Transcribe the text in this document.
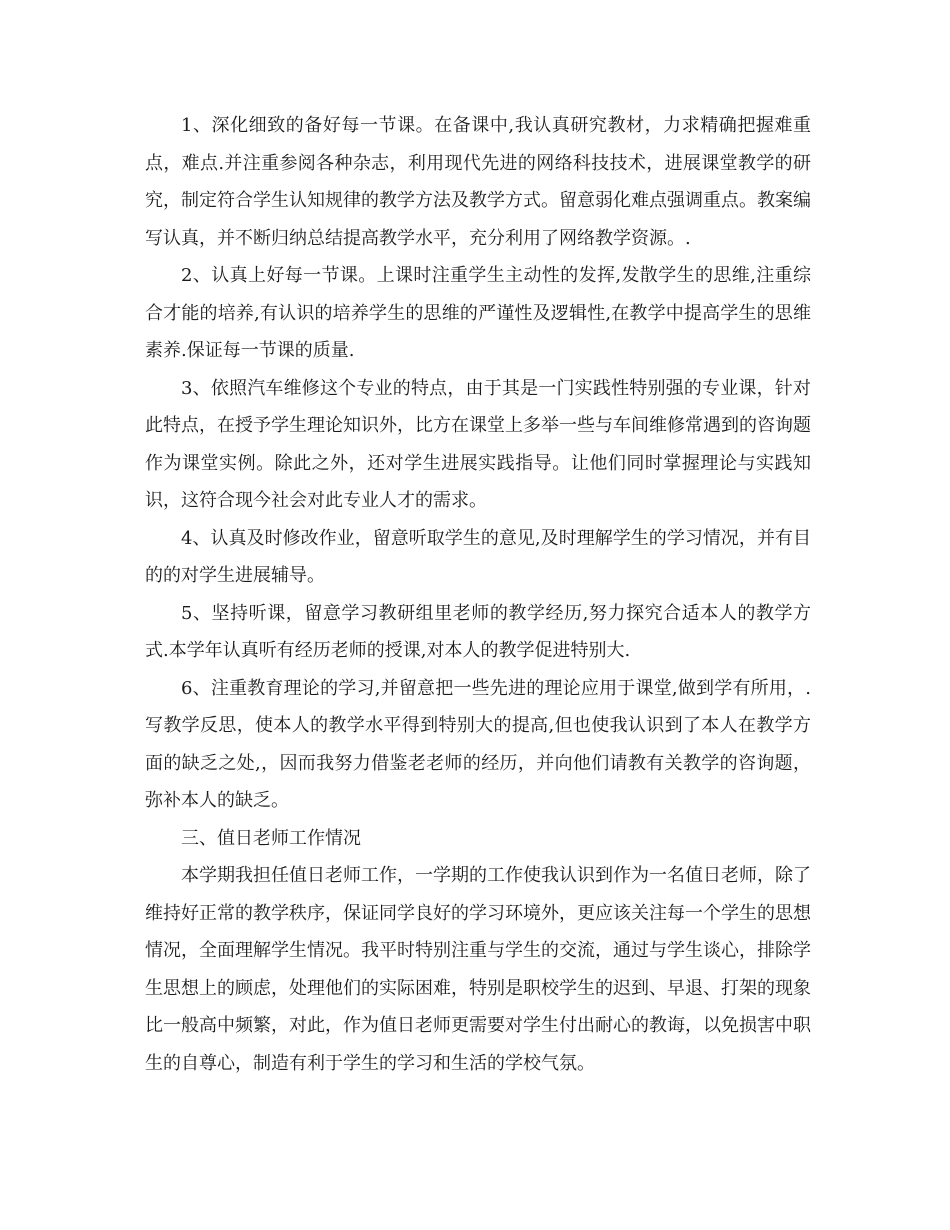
1、深化细致的备好每一节课。在备课中,我认真研究教材，力求精确把握难重点，难点.并注重参阅各种杂志，利用现代先进的网络科技技术，进展课堂教学的研究，制定符合学生认知规律的教学方法及教学方式。留意弱化难点强调重点。教案编写认真，并不断归纳总结提高教学水平，充分利用了网络教学资源。.

2、认真上好每一节课。上课时注重学生主动性的发挥,发散学生的思维,注重综合才能的培养,有认识的培养学生的思维的严谨性及逻辑性,在教学中提高学生的思维素养.保证每一节课的质量.

3、依照汽车维修这个专业的特点，由于其是一门实践性特别强的专业课，针对此特点，在授予学生理论知识外，比方在课堂上多举一些与车间维修常遇到的咨询题作为课堂实例。除此之外，还对学生进展实践指导。让他们同时掌握理论与实践知识，这符合现今社会对此专业人才的需求。

4、认真及时修改作业，留意听取学生的意见,及时理解学生的学习情况，并有目的的对学生进展辅导。

5、坚持听课，留意学习教研组里老师的教学经历,努力探究合适本人的教学方式.本学年认真听有经历老师的授课,对本人的教学促进特别大.

6、注重教育理论的学习,并留意把一些先进的理论应用于课堂,做到学有所用，.写教学反思，使本人的教学水平得到特别大的提高,但也使我认识到了本人在教学方面的缺乏之处,，因而我努力借鉴老老师的经历，并向他们请教有关教学的咨询题，弥补本人的缺乏。

三、值日老师工作情况

本学期我担任值日老师工作，一学期的工作使我认识到作为一名值日老师，除了维持好正常的教学秩序，保证同学良好的学习环境外，更应该关注每一个学生的思想情况，全面理解学生情况。我平时特别注重与学生的交流，通过与学生谈心，排除学生思想上的顾虑，处理他们的实际困难，特别是职校学生的迟到、早退、打架的现象比一般高中频繁，对此，作为值日老师更需要对学生付出耐心的教诲，以免损害中职生的自尊心，制造有利于学生的学习和生活的学校气氛。
